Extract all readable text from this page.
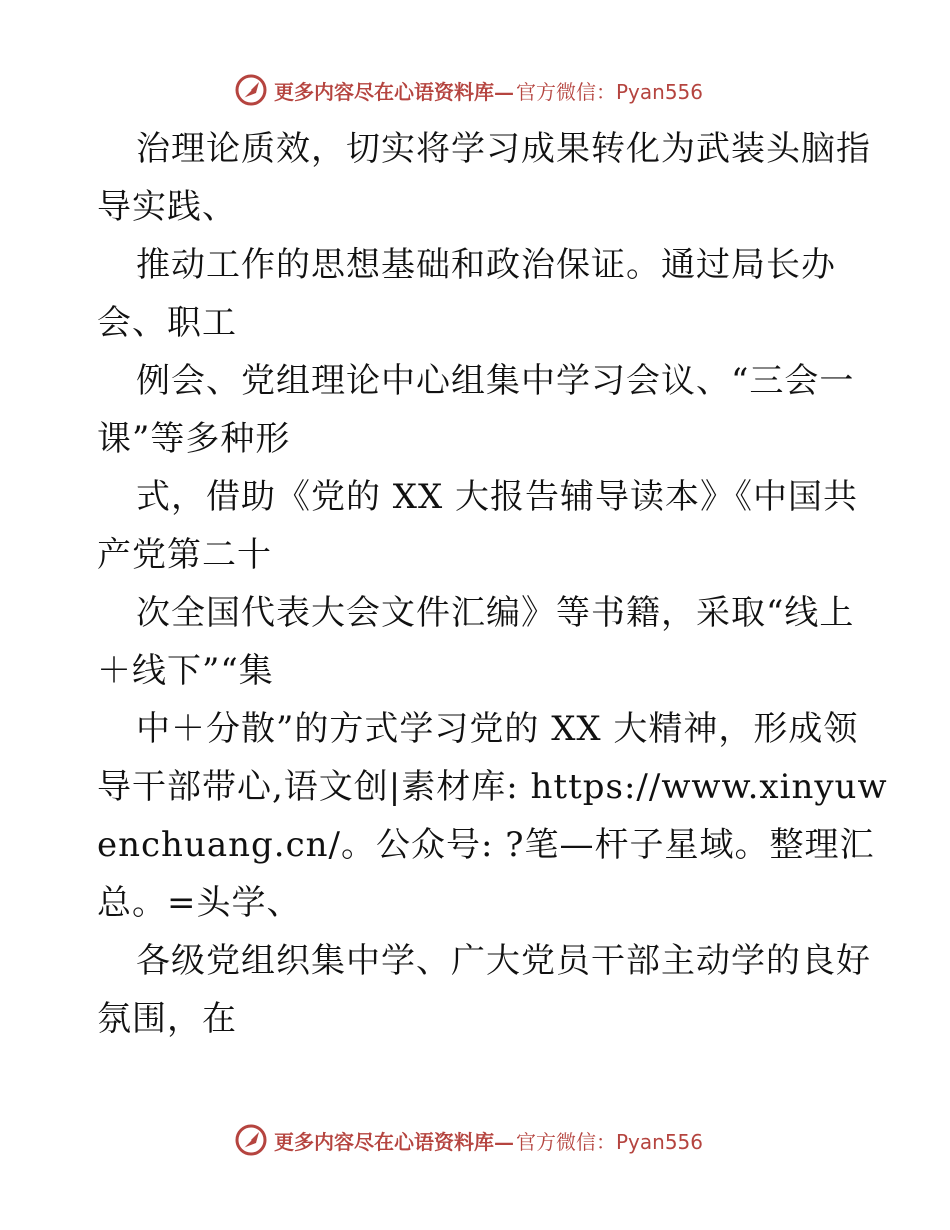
更多内容尽在心语资料库— 官方微信：Pyan556
治理论质效，切实将学习成果转化为武装头脑指
导实践、
推动工作的思想基础和政治保证。通过局长办
会、职工
例会、党组理论中心组集中学习会议、“三会一
课”等多种形
式，借助《党的 XX 大报告辅导读本》《中国共
产党第二十
次全国代表大会文件汇编》等书籍，采取“线上
＋线下”“集
中＋分散”的方式学习党的 XX 大精神，形成领
导干部带心,语文创|素材库: https://www.xinyuw
enchuang.cn/。公众号: ?笔—杆子星域。整理汇
总。=头学、
各级党组织集中学、广大党员干部主动学的良好
氛围，在
更多内容尽在心语资料库— 官方微信：Pyan556
